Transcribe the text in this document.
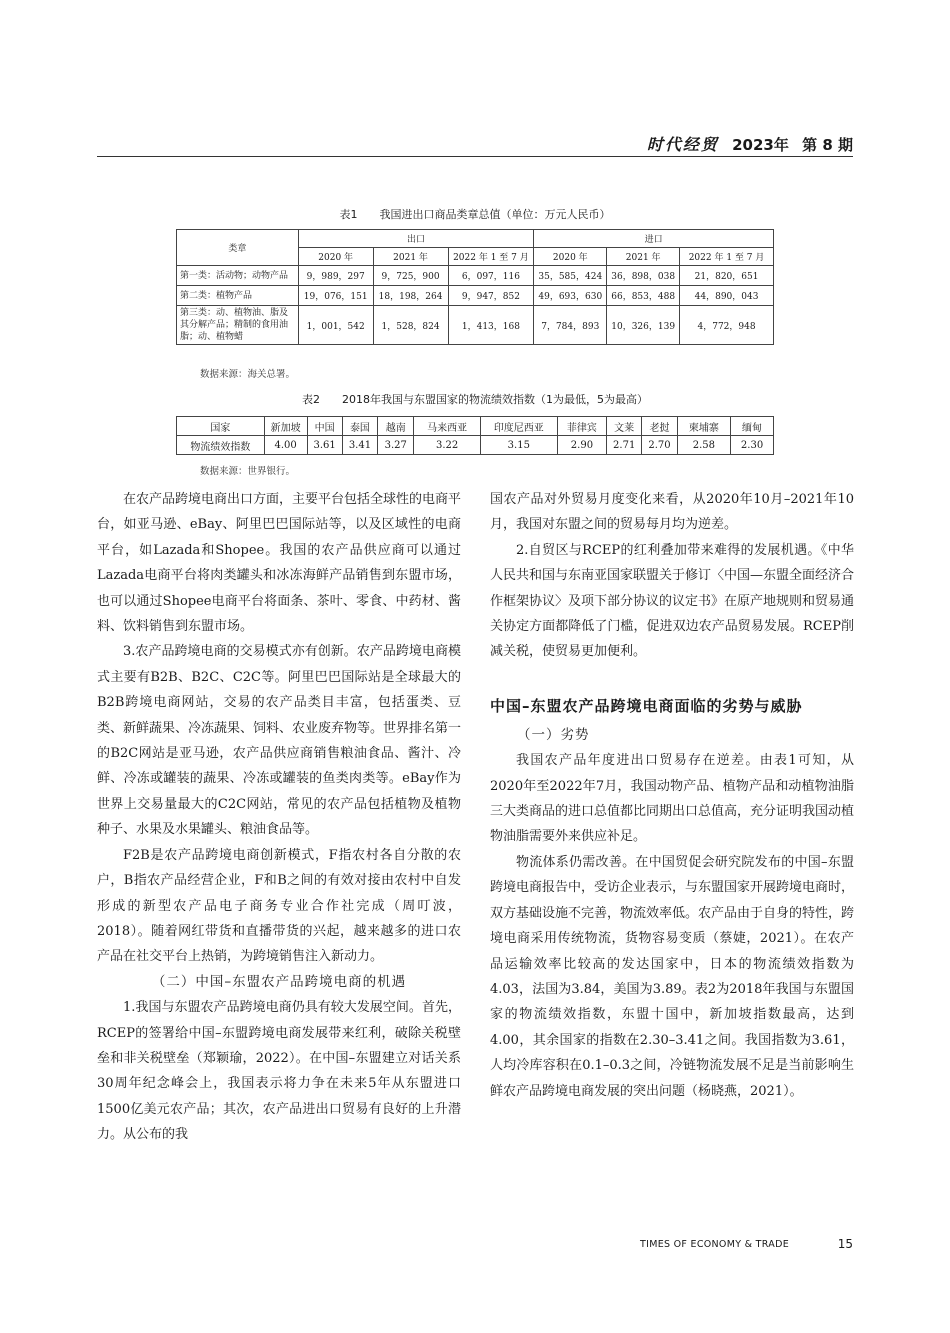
时代经贸 2023年 第 8 期
表1　　我国进出口商品类章总值（单位：万元人民币）
类章	出口			进口		
	2020 年	2021 年	2022 年 1 至 7 月	2020 年	2021 年	2022 年 1 至 7 月
第一类：活动物；动物产品	9，989，297	9，725，900	6，097，116	35，585，424	36，898，038	21，820，651
第二类：植物产品	19，076，151	18，198，264	9，947，852	49，693，630	66，853，488	44，890，043
第三类：动、植物油、脂及其分解产品；精制的食用油脂；动、植物蜡	1，001，542	1，528，824	1，413，168	7，784，893	10，326，139	4，772，948
数据来源：海关总署。
表2　　2018年我国与东盟国家的物流绩效指数（1为最低，5为最高）
国家	新加坡	中国	泰国	越南	马来西亚	印度尼西亚	菲律宾	文莱	老挝	柬埔寨	缅甸
物流绩效指数	4.00	3.61	3.41	3.27	3.22	3.15	2.90	2.71	2.70	2.58	2.30
数据来源：世界银行。

在农产品跨境电商出口方面，主要平台包括全球性的电商平台，如亚马逊、eBay、阿里巴巴国际站等，以及区域性的电商平台，如Lazada和Shopee。我国的农产品供应商可以通过Lazada电商平台将肉类罐头和冰冻海鲜产品销售到东盟市场，也可以通过Shopee电商平台将面条、茶叶、零食、中药材、酱料、饮料销售到东盟市场。

3.农产品跨境电商的交易模式亦有创新。农产品跨境电商模式主要有B2B、B2C、C2C等。阿里巴巴国际站是全球最大的B2B跨境电商网站，交易的农产品类目丰富，包括蛋类、豆类、新鲜蔬果、冷冻蔬果、饲料、农业废弃物等。世界排名第一的B2C网站是亚马逊，农产品供应商销售粮油食品、酱汁、冷鲜、冷冻或罐装的蔬果、冷冻或罐装的鱼类肉类等。eBay作为世界上交易量最大的C2C网站，常见的农产品包括植物及植物种子、水果及水果罐头、粮油食品等。

F2B是农产品跨境电商创新模式，F指农村各自分散的农户，B指农产品经营企业，F和B之间的有效对接由农村中自发形成的新型农产品电子商务专业合作社完成（周叮波，2018）。随着网红带货和直播带货的兴起，越来越多的进口农产品在社交平台上热销，为跨境销售注入新动力。

（二）中国–东盟农产品跨境电商的机遇

1.我国与东盟农产品跨境电商仍具有较大发展空间。首先，RCEP的签署给中国–东盟跨境电商发展带来红利，破除关税壁垒和非关税壁垒（郑颖瑜，2022）。在中国–东盟建立对话关系30周年纪念峰会上，我国表示将力争在未来5年从东盟进口1500亿美元农产品；其次，农产品进出口贸易有良好的上升潜力。从公布的我

国农产品对外贸易月度变化来看，从2020年10月–2021年10月，我国对东盟之间的贸易每月均为逆差。

2.自贸区与RCEP的红利叠加带来难得的发展机遇。《中华人民共和国与东南亚国家联盟关于修订〈中国—东盟全面经济合作框架协议〉及项下部分协议的议定书》在原产地规则和贸易通关协定方面都降低了门槛，促进双边农产品贸易发展。RCEP削减关税，使贸易更加便利。

中国–东盟农产品跨境电商面临的劣势与威胁
（一）劣势

我国农产品年度进出口贸易存在逆差。由表1可知，从2020年至2022年7月，我国动物产品、植物产品和动植物油脂三大类商品的进口总值都比同期出口总值高，充分证明我国动植物油脂需要外来供应补足。

物流体系仍需改善。在中国贸促会研究院发布的中国–东盟跨境电商报告中，受访企业表示，与东盟国家开展跨境电商时，双方基础设施不完善，物流效率低。农产品由于自身的特性，跨境电商采用传统物流，货物容易变质（蔡婕，2021）。在农产品运输效率比较高的发达国家中，日本的物流绩效指数为4.03，法国为3.84，美国为3.89。表2为2018年我国与东盟国家的物流绩效指数，东盟十国中，新加坡指数最高，达到4.00，其余国家的指数在2.30–3.41之间。我国指数为3.61，人均冷库容积在0.1–0.3之间，冷链物流发展不足是当前影响生鲜农产品跨境电商发展的突出问题（杨晓燕，2021）。

TIMES OF ECONOMY & TRADE	15
